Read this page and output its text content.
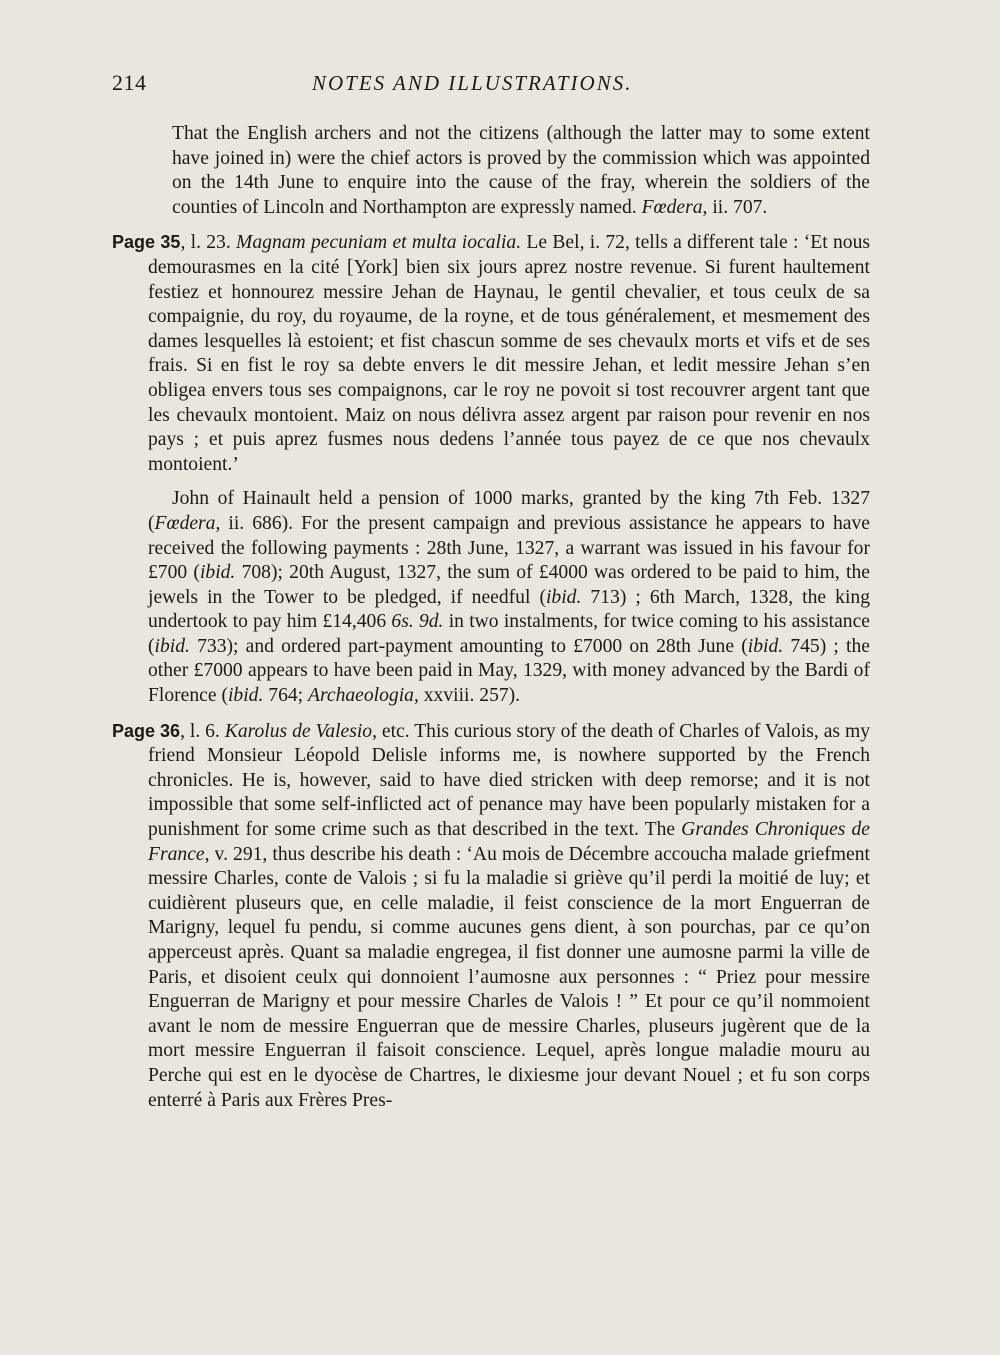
214	NOTES AND ILLUSTRATIONS.

That the English archers and not the citizens (although the latter may to some extent have joined in) were the chief actors is proved by the commission which was appointed on the 14th June to enquire into the cause of the fray, wherein the soldiers of the counties of Lincoln and Northampton are expressly named. Fœdera, ii. 707.

Page 35, l. 23. Magnam pecuniam et multa iocalia. Le Bel, i. 72, tells a different tale : ‘Et nous demourasmes en la cité [York] bien six jours aprez nostre revenue. Si furent haultement festiez et honnourez messire Jehan de Haynau, le gentil chevalier, et tous ceulx de sa compaignie, du roy, du royaume, de la royne, et de tous généralement, et mesmement des dames lesquelles là estoient; et fist chascun somme de ses chevaulx morts et vifs et de ses frais. Si en fist le roy sa debte envers le dit messire Jehan, et ledit messire Jehan s’en obligea envers tous ses compaignons, car le roy ne povoit si tost recouvrer argent tant que les chevaulx montoient. Maiz on nous délivra assez argent par raison pour revenir en nos pays ; et puis aprez fusmes nous dedens l’année tous payez de ce que nos chevaulx montoient.’

John of Hainault held a pension of 1000 marks, granted by the king 7th Feb. 1327 (Fœdera, ii. 686). For the present campaign and previous assistance he appears to have received the following payments : 28th June, 1327, a warrant was issued in his favour for £700 (ibid. 708); 20th August, 1327, the sum of £4000 was ordered to be paid to him, the jewels in the Tower to be pledged, if needful (ibid. 713) ; 6th March, 1328, the king undertook to pay him £14,406 6s. 9d. in two instalments, for twice coming to his assistance (ibid. 733); and ordered part-payment amounting to £7000 on 28th June (ibid. 745) ; the other £7000 appears to have been paid in May, 1329, with money advanced by the Bardi of Florence (ibid. 764; Archaeologia, xxviii. 257).

Page 36, l. 6. Karolus de Valesio, etc. This curious story of the death of Charles of Valois, as my friend Monsieur Léopold Delisle informs me, is nowhere supported by the French chronicles. He is, however, said to have died stricken with deep remorse; and it is not impossible that some self-inflicted act of penance may have been popularly mistaken for a punishment for some crime such as that described in the text. The Grandes Chroniques de France, v. 291, thus describe his death : ‘Au mois de Décembre accoucha malade griefment messire Charles, conte de Valois ; si fu la maladie si griève qu’il perdi la moitié de luy; et cuidièrent pluseurs que, en celle maladie, il feist conscience de la mort Enguerran de Marigny, lequel fu pendu, si comme aucunes gens dient, à son pourchas, par ce qu’on apperceust après. Quant sa maladie engregea, il fist donner une aumosne parmi la ville de Paris, et disoient ceulx qui donnoient l’aumosne aux personnes : “ Priez pour messire Enguerran de Marigny et pour messire Charles de Valois ! ” Et pour ce qu’il nommoient avant le nom de messire Enguerran que de messire Charles, pluseurs jugèrent que de la mort messire Enguerran il faisoit conscience. Lequel, après longue maladie mouru au Perche qui est en le dyocèse de Chartres, le dixiesme jour devant Nouel ; et fu son corps enterré à Paris aux Frères Pres-
